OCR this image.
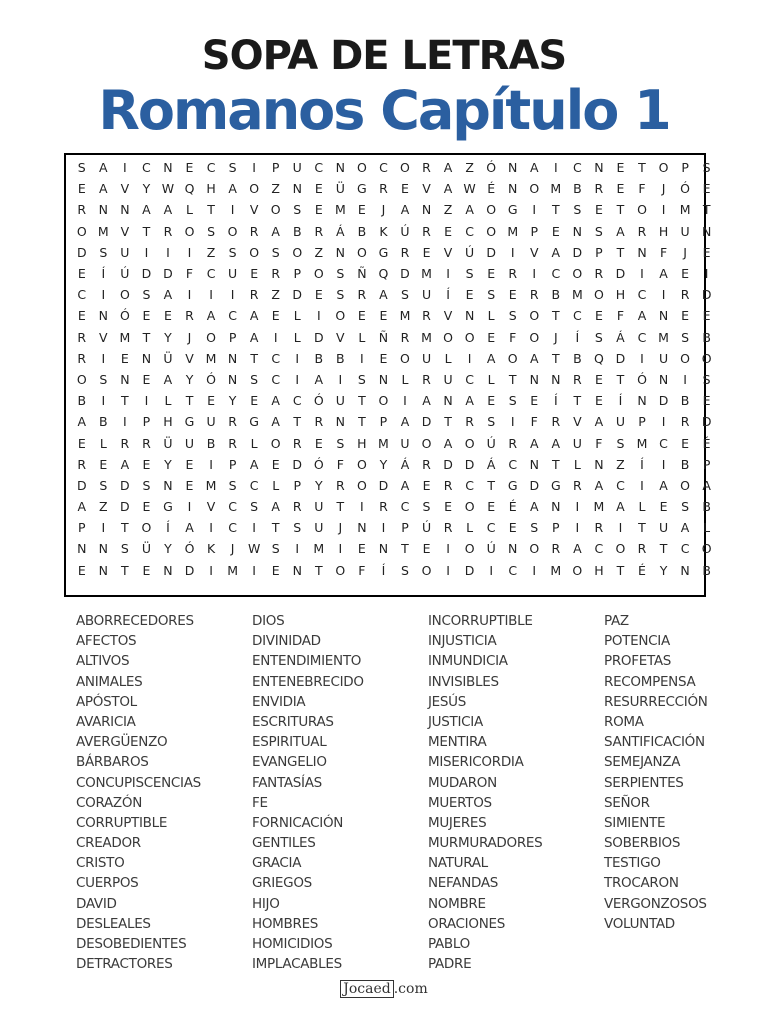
SOPA DE LETRAS
Romanos Capítulo 1
S	A	I	C	N	E	C	S	I	P	U	C	N O C O R	A	Z Ó N	A	I	C	N	E	T	O	P	S
E	A	V	Y W Q H	A O Z	N	E	Ü G R	E	V	A W É	N O M B	R	E	F	J	Ó	E
R	N N	A	A	L	T	I	V O	S	E M E	J	A	N	Z	A O G	I	T	S	E	T	O	I	M T
O M V	T	R O	S	O R	A	B	R	Á	B	K	Ú	R	E	C O M P	E	N	S	A	R	H U N
D	S	U	I	I	I	Z	S	O	S	O Z	N O G R	E	V	Ú D	I	V	A D	P	T	N	F	J	E
E	Í	Ú D D	F	C	U	E	R	P	O	S	Ñ Q D M	I	S	E	R	I	C O R D	I	A	E	I
C	I	O	S	A	I	I	I	R	Z D	E	S	R	A	S	U	Í	E	S	E	R	B M O H C	I	R D
E	N Ó	E	E	R	A	C	A	E	L	I	O	E	E M R	V	N	L	S	O	T	C	E	F	A	N	E	E
R	V M T	Y	J	O	P	A	I	L	D V	L	Ñ	R M O O	E	F	O	J	Í	S	Á	C M S	B
R	I	E	N Ü	V M N	T	C	I	B	B	I	E	O U	L	I	A O A	T	B Q D	I	U O O
O	S	N	E	A	Y	Ó N	S	C	I	A	I	S	N	L	R	U	C	L	T	N N	R	E	T	Ó N	I	S
B	I	T	I	L	T	E	Y	E	A	C Ó U	T	O	I	A	N	A	E	S	E	Í	T	E	Í	N D B	E
A	B	I	P	H G U	R G A	T	R	N	T	P	A D	T	R	S	I	F	R	V	A	U	P	I	R D
E	L	R	R	Ü U	B	R	L	O R	E	S	H M U O A O Ú	R	A	A	U	F	S M C	E	É
R	E	A	E	Y	E	I	P	A	E	D Ó	F	O	Y	Á	R D D Á	C	N	T	L	N	Z	Í	I	B	P
D	S	D	S	N	E M S	C	L	P	Y	R O D A	E	R	C	T	G D G R	A	C	I	A O A
A	Z D	E	G	I	V	C	S	A	R	U	T	I	R	C	S	E	O	E	É	A	N	I	M A	L	E	S	B
P	I	T	O	Í	A	I	C	I	T	S	U	J	N	I	P	Ú	R	L	C	E	S	P	I	R	I	T	U	A	L
N N	S	Ü	Y	Ó	K	J	W S	I	M	I	E	N	T	E	I	O Ú N O R	A	C O R	T	C O
E	N	T	E	N D	I	M	I	E	N	T	O	F	Í	S	O	I	D	I	C	I	M O H	T	É	Y	N	B
ABORRECEDORES
AFECTOS
ALTIVOS
ANIMALES
APÓSTOL
AVARICIA
AVERGÜENZO
BÁRBAROS
CONCUPISCENCIAS
CORAZÓN
CORRUPTIBLE
CREADOR
CRISTO
CUERPOS
DAVID
DESLEALES
DESOBEDIENTES
DETRACTORES
DIOS
DIVINIDAD
ENTENDIMIENTO
ENTENEBRECIDO
ENVIDIA
ESCRITURAS
ESPIRITUAL
EVANGELIO
FANTASÍAS
FE
FORNICACIÓN
GENTILES
GRACIA
GRIEGOS
HIJO
HOMBRES
HOMICIDIOS
IMPLACABLES
INCORRUPTIBLE
INJUSTICIA
INMUNDICIA
INVISIBLES
JESÚS
JUSTICIA
MENTIRA
MISERICORDIA
MUDARON
MUERTOS
MUJERES
MURMURADORES
NATURAL
NEFANDAS
NOMBRE
ORACIONES
PABLO
PADRE
PAZ
POTENCIA
PROFETAS
RECOMPENSA
RESURRECCIÓN
ROMA
SANTIFICACIÓN
SEMEJANZA
SERPIENTES
SEÑOR
SIMIENTE
SOBERBIOS
TESTIGO
TROCARON
VERGONZOSOS
VOLUNTAD
Jocaed .com
